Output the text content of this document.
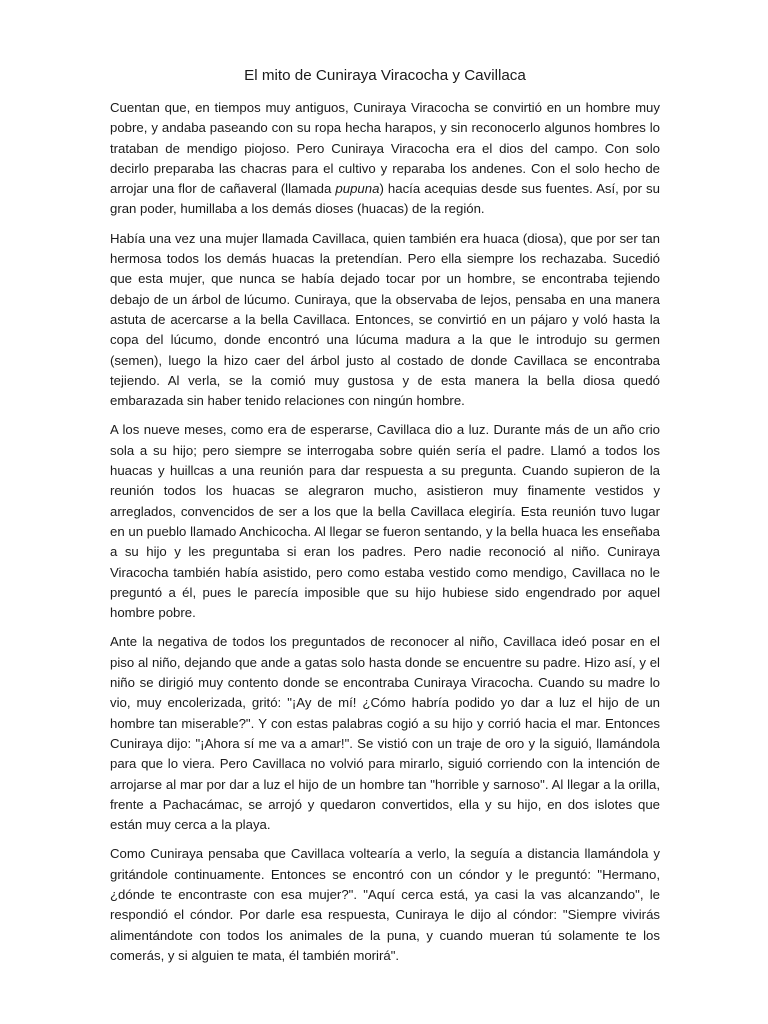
El mito de Cuniraya Viracocha y Cavillaca

Cuentan que, en tiempos muy antiguos, Cuniraya Viracocha se convirtió en un hombre muy pobre, y andaba paseando con su ropa hecha harapos, y sin reconocerlo algunos hombres lo trataban de mendigo piojoso. Pero Cuniraya Viracocha era el dios del campo. Con solo decirlo preparaba las chacras para el cultivo y reparaba los andenes. Con el solo hecho de arrojar una flor de cañaveral (llamada pupuna) hacía acequias desde sus fuentes. Así, por su gran poder, humillaba a los demás dioses (huacas) de la región.

Había una vez una mujer llamada Cavillaca, quien también era huaca (diosa), que por ser tan hermosa todos los demás huacas la pretendían. Pero ella siempre los rechazaba. Sucedió que esta mujer, que nunca se había dejado tocar por un hombre, se encontraba tejiendo debajo de un árbol de lúcumo. Cuniraya, que la observaba de lejos, pensaba en una manera astuta de acercarse a la bella Cavillaca. Entonces, se convirtió en un pájaro y voló hasta la copa del lúcumo, donde encontró una lúcuma madura a la que le introdujo su germen (semen), luego la hizo caer del árbol justo al costado de donde Cavillaca se encontraba tejiendo. Al verla, se la comió muy gustosa y de esta manera la bella diosa quedó embarazada sin haber tenido relaciones con ningún hombre.

A los nueve meses, como era de esperarse, Cavillaca dio a luz. Durante más de un año crio sola a su hijo; pero siempre se interrogaba sobre quién sería el padre. Llamó a todos los huacas y huillcas a una reunión para dar respuesta a su pregunta. Cuando supieron de la reunión todos los huacas se alegraron mucho, asistieron muy finamente vestidos y arreglados, convencidos de ser a los que la bella Cavillaca elegiría. Esta reunión tuvo lugar en un pueblo llamado Anchicocha. Al llegar se fueron sentando, y la bella huaca les enseñaba a su hijo y les preguntaba si eran los padres. Pero nadie reconoció al niño. Cuniraya Viracocha también había asistido, pero como estaba vestido como mendigo, Cavillaca no le preguntó a él, pues le parecía imposible que su hijo hubiese sido engendrado por aquel hombre pobre.

Ante la negativa de todos los preguntados de reconocer al niño, Cavillaca ideó posar en el piso al niño, dejando que ande a gatas solo hasta donde se encuentre su padre. Hizo así, y el niño se dirigió muy contento donde se encontraba Cuniraya Viracocha. Cuando su madre lo vio, muy encolerizada, gritó: "¡Ay de mí! ¿Cómo habría podido yo dar a luz el hijo de un hombre tan miserable?". Y con estas palabras cogió a su hijo y corrió hacia el mar. Entonces Cuniraya dijo: "¡Ahora sí me va a amar!". Se vistió con un traje de oro y la siguió, llamándola para que lo viera. Pero Cavillaca no volvió para mirarlo, siguió corriendo con la intención de arrojarse al mar por dar a luz el hijo de un hombre tan "horrible y sarnoso". Al llegar a la orilla, frente a Pachacámac, se arrojó y quedaron convertidos, ella y su hijo, en dos islotes que están muy cerca a la playa.

Como Cuniraya pensaba que Cavillaca voltearía a verlo, la seguía a distancia llamándola y gritándole continuamente. Entonces se encontró con un cóndor y le preguntó: "Hermano, ¿dónde te encontraste con esa mujer?". "Aquí cerca está, ya casi la vas alcanzando", le respondió el cóndor. Por darle esa respuesta, Cuniraya le dijo al cóndor: "Siempre vivirás alimentándote con todos los animales de la puna, y cuando mueran tú solamente te los comerás, y si alguien te mata, él también morirá".
